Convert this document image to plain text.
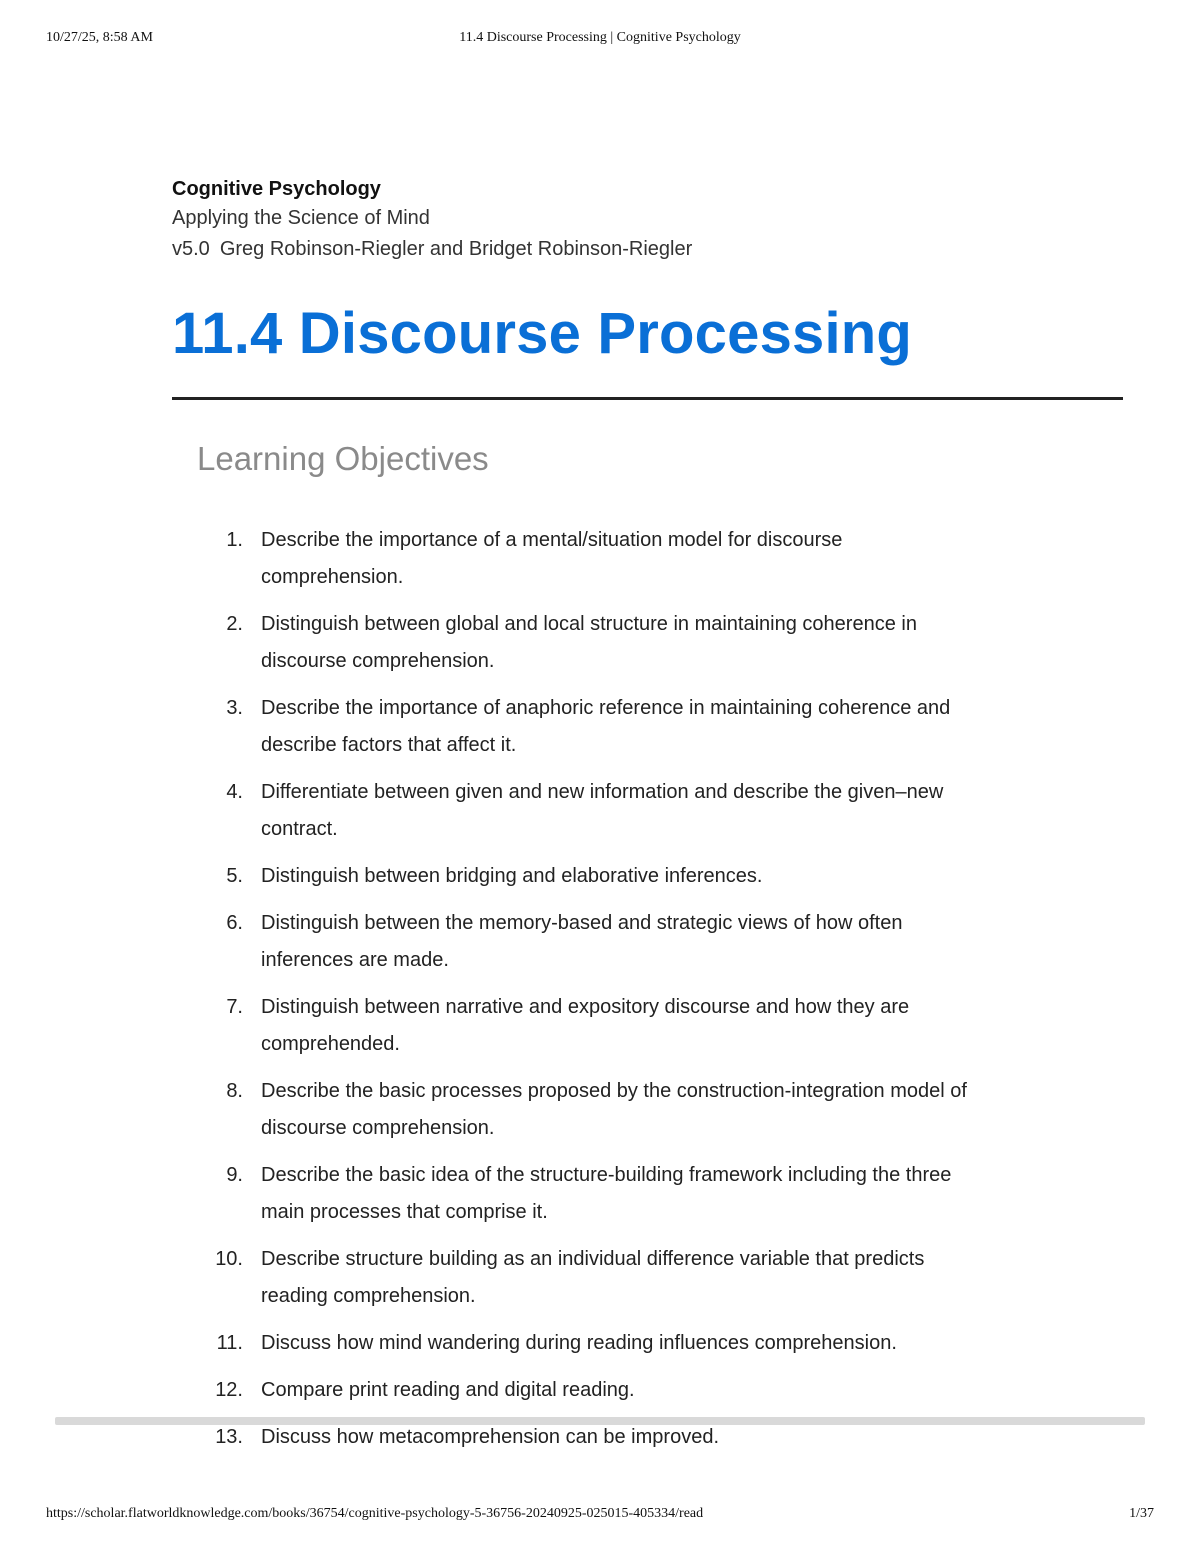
10/27/25, 8:58 AM	11.4 Discourse Processing | Cognitive Psychology
Cognitive Psychology
Applying the Science of Mind
v5.0 Greg Robinson-Riegler and Bridget Robinson-Riegler
11.4 Discourse Processing
Learning Objectives
1. Describe the importance of a mental/situation model for discourse
comprehension.
2. Distinguish between global and local structure in maintaining coherence in
discourse comprehension.
3. Describe the importance of anaphoric reference in maintaining coherence and
describe factors that affect it.
4. Differentiate between given and new information and describe the given–new
contract.
5. Distinguish between bridging and elaborative inferences.
6. Distinguish between the memory-based and strategic views of how often
inferences are made.
7. Distinguish between narrative and expository discourse and how they are
comprehended.
8. Describe the basic processes proposed by the construction-integration model of
discourse comprehension.
9. Describe the basic idea of the structure-building framework including the three
main processes that comprise it.
10. Describe structure building as an individual difference variable that predicts
reading comprehension.
11. Discuss how mind wandering during reading influences comprehension.
12. Compare print reading and digital reading.
13. Discuss how metacomprehension can be improved.
https://scholar.flatworldknowledge.com/books/36754/cognitive-psychology-5-36756-20240925-025015-405334/read	1/37
